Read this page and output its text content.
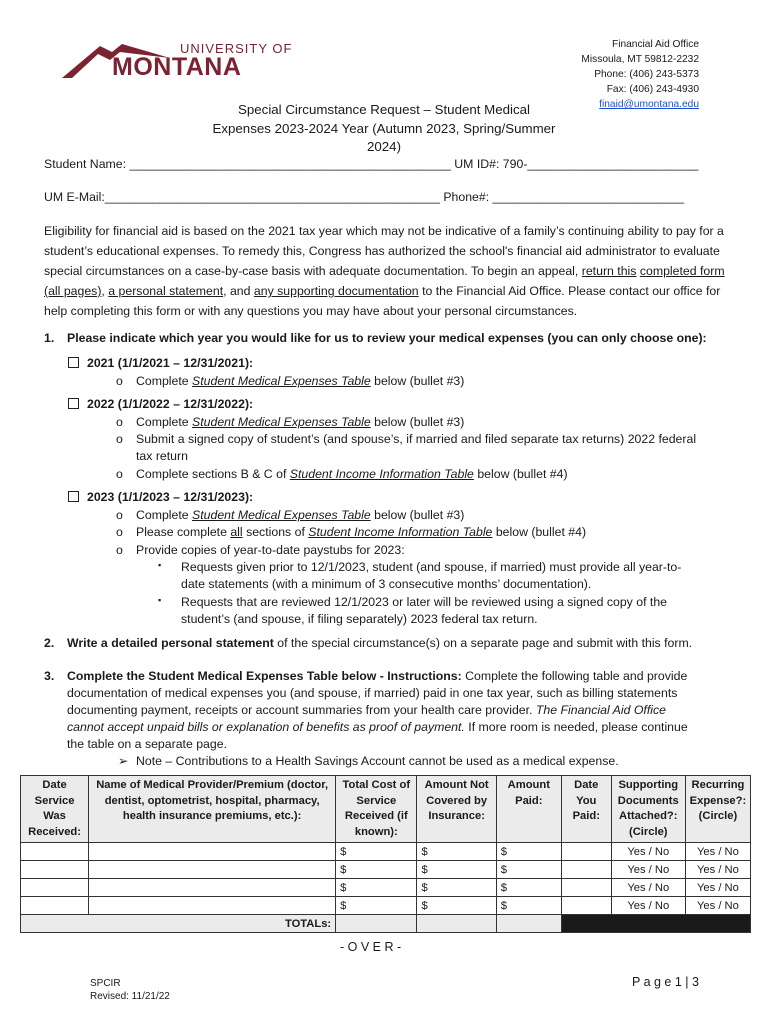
UNIVERSITY OF
MONTANA
Financial Aid Office
Missoula, MT 59812-2232
Phone: (406) 243-5373
Fax: (406) 243-4930
finaid@umontana.edu
Special Circumstance Request – Student Medical
Expenses 2023-2024 Year (Autumn 2023, Spring/Summer
2024)
Student Name: _______________________________________________ UM ID#: 790-_________________________
UM E-Mail:_________________________________________________ Phone#: ____________________________
Eligibility for financial aid is based on the 2021 tax year which may not be indicative of a family’s continuing ability to pay for a student’s educational expenses. To remedy this, Congress has authorized the school's financial aid administrator to evaluate special circumstances on a case-by-case basis with adequate documentation. To begin an appeal, return this completed form (all pages), a personal statement, and any supporting documentation to the Financial Aid Office. Please contact our office for help completing this form or with any questions you may have about your personal circumstances.
1. Please indicate which year you would like for us to review your medical expenses (you can only choose one):
2021 (1/1/2021 – 12/31/2021):
o Complete Student Medical Expenses Table below (bullet #3)
2022 (1/1/2022 – 12/31/2022):
o Complete Student Medical Expenses Table below (bullet #3)
o Submit a signed copy of student’s (and spouse’s, if married and filed separate tax returns) 2022 federal
tax return
o Complete sections B & C of Student Income Information Table below (bullet #4)
2023 (1/1/2023 – 12/31/2023):
o Complete Student Medical Expenses Table below (bullet #3)
o Please complete all sections of Student Income Information Table below (bullet #4)
o Provide copies of year-to-date paystubs for 2023:
▪ Requests given prior to 12/1/2023, student (and spouse, if married) must provide all year-to-
date statements (with a minimum of 3 consecutive months’ documentation).
▪ Requests that are reviewed 12/1/2023 or later will be reviewed using a signed copy of the
student’s (and spouse, if filing separately) 2023 federal tax return.
2. Write a detailed personal statement of the special circumstance(s) on a separate page and submit with this form.
3. Complete the Student Medical Expenses Table below - Instructions: Complete the following table and provide
documentation of medical expenses you (and spouse, if married) paid in one tax year, such as billing statements
documenting payment, receipts or account summaries from your health care provider. The Financial Aid Office
cannot accept unpaid bills or explanation of benefits as proof of payment. If more room is needed, please continue
the table on a separate page.
➢ Note – Contributions to a Health Savings Account cannot be used as a medical expense.
Date Service Was Received:	Name of Medical Provider/Premium (doctor, dentist, optometrist, hospital, pharmacy, health insurance premiums, etc.):	Total Cost of Service Received (if known):	Amount Not Covered by Insurance:	Amount Paid:	Date You Paid:	Supporting Documents Attached?: (Circle)	Recurring Expense?: (Circle)
		$	$	$		Yes / No	Yes / No
		$	$	$		Yes / No	Yes / No
		$	$	$		Yes / No	Yes / No
		$	$	$		Yes / No	Yes / No
TOTALs:							
- O V E R -
SPCIR
Revised: 11/21/22
P a g e 1 | 3
